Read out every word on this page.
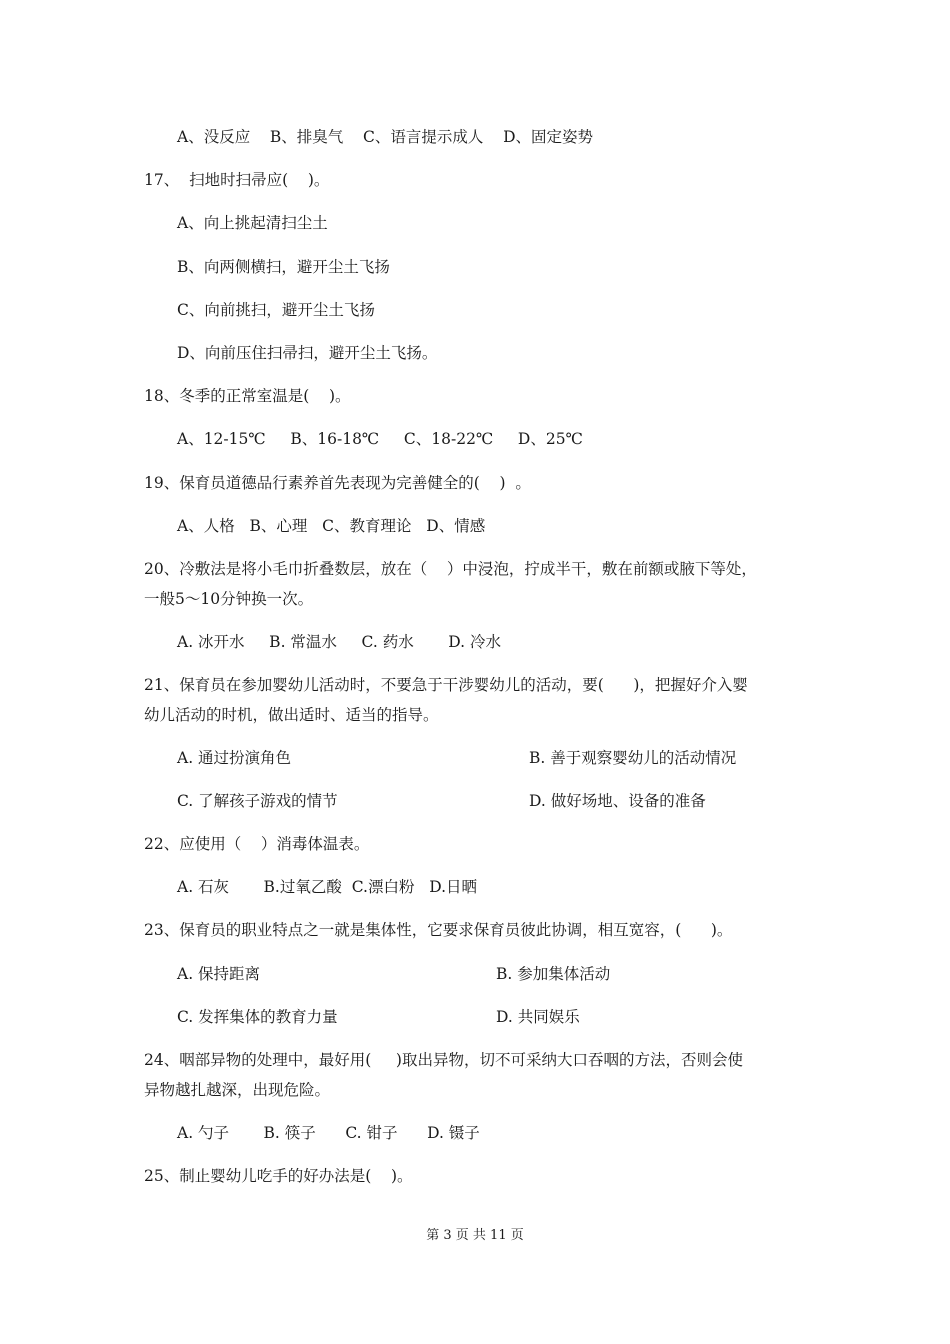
A、没反应    B、排臭气    C、语言提示成人    D、固定姿势
17、  扫地时扫帚应(    )。
A、向上挑起清扫尘土
B、向两侧横扫，避开尘土飞扬
C、向前挑扫，避开尘土飞扬
D、向前压住扫帚扫，避开尘土飞扬。
18、冬季的正常室温是(    )。
A、12-15℃     B、16-18℃     C、18-22℃     D、25℃
19、保育员道德品行素养首先表现为完善健全的(    )  。
A、人格   B、心理   C、教育理论   D、情感
20、冷敷法是将小毛巾折叠数层，放在（    ）中浸泡，拧成半干，敷在前额或腋下等处，
一般5～10分钟换一次。
A. 冰开水     B. 常温水     C. 药水       D. 冷水
21、保育员在参加婴幼儿活动时，不要急于干涉婴幼儿的活动，要(      )，把握好介入婴
幼儿活动的时机，做出适时、适当的指导。
A. 通过扮演角色	B. 善于观察婴幼儿的活动情况
C. 了解孩子游戏的情节	D. 做好场地、设备的准备
22、应使用（    ）消毒体温表。
A. 石灰       B.过氧乙酸  C.漂白粉   D.日晒
23、保育员的职业特点之一就是集体性，它要求保育员彼此协调，相互宽容，(      )。
A. 保持距离	B. 参加集体活动
C. 发挥集体的教育力量	D. 共同娱乐
24、咽部异物的处理中，最好用(     )取出异物，切不可采纳大口吞咽的方法，否则会使
异物越扎越深，出现危险。
A. 勺子       B. 筷子      C. 钳子      D. 镊子
25、制止婴幼儿吃手的好办法是(    )。
第 3 页 共 11 页
